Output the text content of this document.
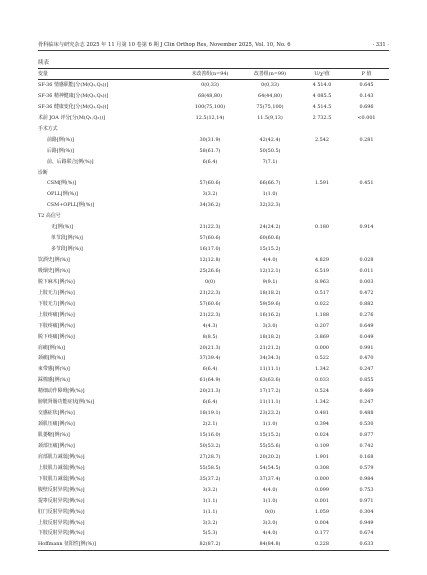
骨科临床与研究杂志 2025 年 11 月第 10 卷第 6 期 J Clin Orthop Res, November 2025, Vol. 10, No. 6	· 331 ·
续表
变量	未改善组(n=94)	改善组(n=99)	U/χ²值	P 值
SF-36 情感职能[分(M(Q₁,Q₃))]	0(0,33)	0(0,33)	4 514.0	0.645
SF-36 精神健康[分(M(Q₁,Q₃))]	68(48,80)	64(44,80)	4 085.5	0.143
SF-36 健康变化[分(M(Q₁,Q₃))]	100(75,100)	75(75,100)	4 514.5	0.696
术前 JOA 评分[分(M(Q₁,Q₃))]	12.5(12,14)	11.5(9,13)	2 732.5	<0.001
手术方式
前路[例(%)]	30(31.9)	42(42.4)	2.542	0.281
后路[例(%)]	58(61.7)	50(50.5)
前、后路联合[例(%)]	6(6.4)	7(7.1)
诊断
CSM[例(%)]	57(60.6)	66(66.7)	1.591	0.451
OPLL[例(%)]	3(3.2)	1(1.0)
CSM+OPLL[例(%)]	34(36.2)	32(32.3)
T2 高信号
无[例(%)]	21(22.3)	24(24.2)	0.180	0.914
单节段[例(%)]	57(60.6)	60(60.6)
多节段[例(%)]	16(17.0)	15(15.2)
饮酒史[例(%)]	12(12.8)	4(4.0)	4.829	0.028
吸烟史[例(%)]	25(26.6)	12(12.1)	6.519	0.011
脱下麻木[例(%)]	0(0)	9(9.1)	8.963	0.003
上肢无力[例(%)]	21(22.3)	18(18.2)	0.517	0.472
下肢无力[例(%)]	57(60.6)	59(59.6)	0.022	0.882
上肢疼痛[例(%)]	21(22.3)	16(16.2)	1.188	0.276
下肢疼痛[例(%)]	4(4.3)	3(3.0)	0.207	0.649
脱下疼痛[例(%)]	8(8.5)	18(18.2)	3.869	0.049
肩痛[例(%)]	20(21.3)	21(21.2)	0.000	0.991
颈痛[例(%)]	37(39.4)	34(34.3)	0.522	0.470
束带感[例(%)]	6(6.4)	11(11.1)	1.342	0.247
踩棉感[例(%)]	61(64.9)	63(63.6)	0.033	0.855
精细动作障碍[例(%)]	20(21.3)	17(17.2)	0.524	0.469
膀胱肾肠功能症状[例(%)]	6(6.4)	11(11.1)	1.342	0.247
交感症状[例(%)]	18(19.1)	23(23.2)	0.481	0.488
颈肌压痛[例(%)]	2(2.1)	1(1.0)	0.394	0.530
肌萎缩[例(%)]	15(16.0)	15(15.2)	0.024	0.877
颈部压痛[例(%)]	50(53.2)	55(55.6)	0.109	0.742
肩部肌力减弱[例(%)]	27(28.7)	20(20.2)	1.901	0.168
上肢肌力减弱[例(%)]	55(58.5)	54(54.5)	0.308	0.579
下肢肌力减弱[例(%)]	35(37.2)	37(37.4)	0.000	0.984
腹壁反射异常[例(%)]	3(3.2)	4(4.0)	0.099	0.753
提睾反射异常[例(%)]	1(1.1)	1(1.0)	0.001	0.971
肛门反射异常[例(%)]	1(1.1)	0(0)	1.059	0.304
上肢反射异常[例(%)]	3(3.2)	3(3.0)	0.004	0.949
下肢反射异常[例(%)]	5(5.3)	4(4.0)	0.177	0.674
Hoffmann 征阳性[例(%)]	82(87.2)	84(84.8)	0.228	0.633
